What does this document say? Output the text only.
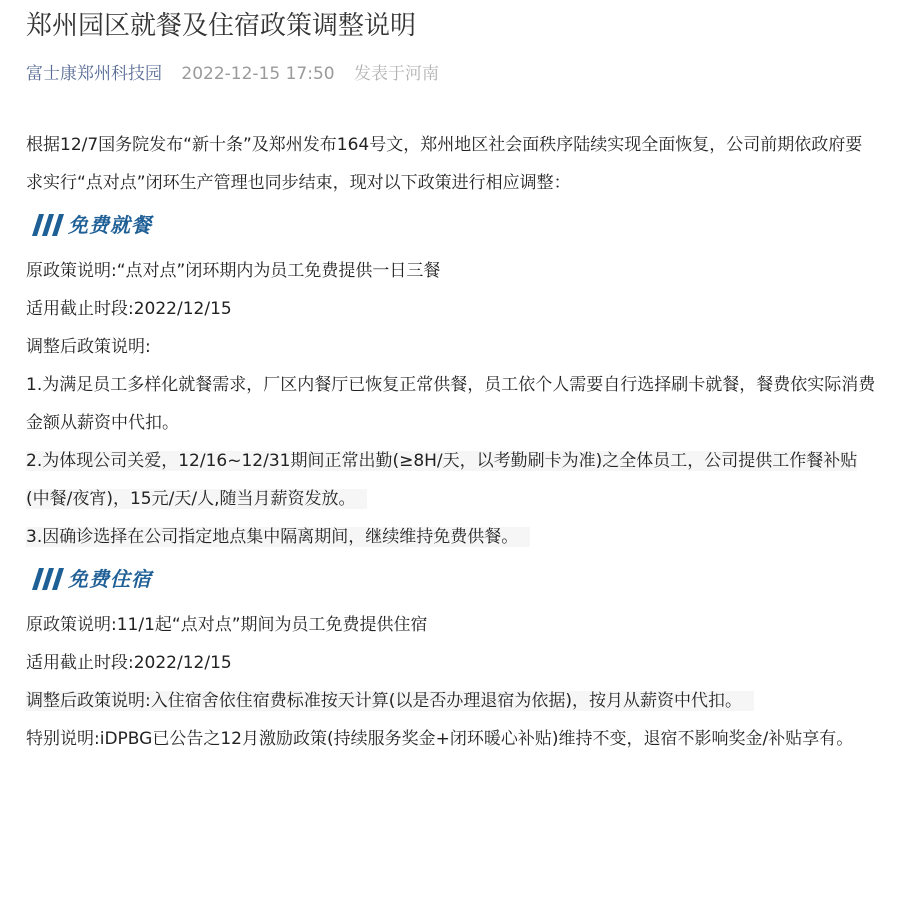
郑州园区就餐及住宿政策调整说明
富士康郑州科技园 2022-12-15 17:50 发表于河南

根据12/7国务院发布“新十条”及郑州发布164号文，郑州地区社会面秩序陆续实现全面恢复，公司前期依政府要求实行“点对点”闭环生产管理也同步结束，现对以下政策进行相应调整：

免费就餐

原政策说明:“点对点”闭环期内为员工免费提供一日三餐

适用截止时段:2022/12/15

调整后政策说明:

1.为满足员工多样化就餐需求，厂区内餐厅已恢复正常供餐，员工依个人需要自行选择刷卡就餐，餐费依实际消费金额从薪资中代扣。

2.为体现公司关爱，12/16~12/31期间正常出勤(≥8H/天，以考勤刷卡为准)之全体员工，公司提供工作餐补贴(中餐/夜宵)，15元/天/人,随当月薪资发放。

3.因确诊选择在公司指定地点集中隔离期间，继续维持免费供餐。

免费住宿

原政策说明:11/1起“点对点”期间为员工免费提供住宿

适用截止时段:2022/12/15

调整后政策说明:入住宿舍依住宿费标准按天计算(以是否办理退宿为依据)，按月从薪资中代扣。

特别说明:iDPBG已公告之12月激励政策(持续服务奖金+闭环暖心补贴)维持不变，退宿不影响奖金/补贴享有。
